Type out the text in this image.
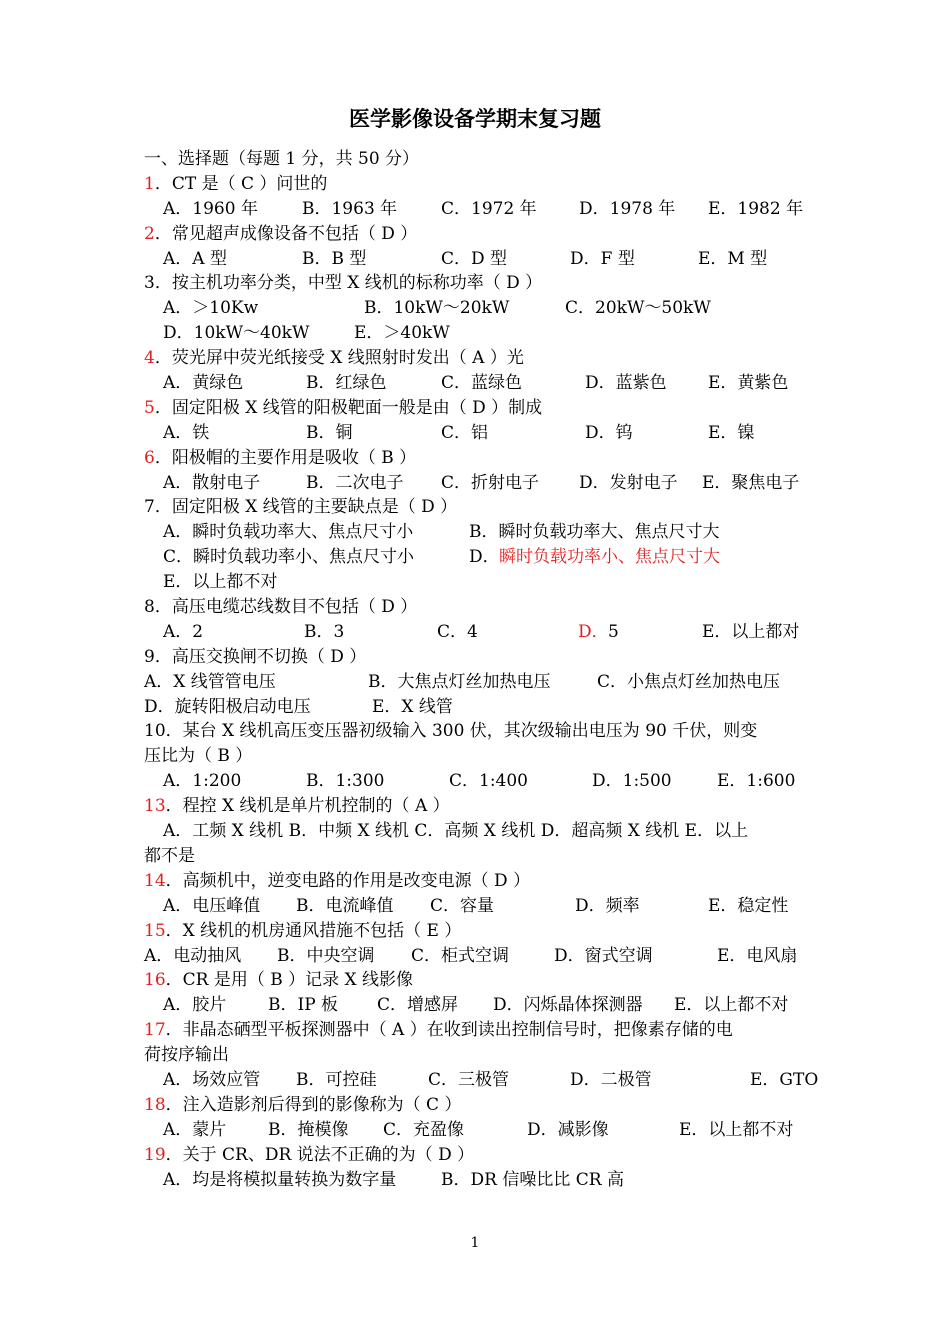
医学影像设备学期末复习题
一、选择题（每题 1 分，共 50 分）
1．CT 是（ C ）问世的
A．1960 年	B．1963 年	C．1972 年 D．1978 年 E．1982 年
2．常见超声成像设备不包括（ D ）
A．A 型	B．B 型	C．D 型	D．F 型	E．M 型
3．按主机功率分类，中型 X 线机的标称功率（ D ）
A．＞10Kw	B．10kW～20kW	C．20kW～50kW
D．10kW～40kW	E．＞40kW
4．荧光屏中荧光纸接受 X 线照射时发出（ A ）光
A．黄绿色	B．红绿色	C．蓝绿色	D．蓝紫色 E．黄紫色
5．固定阳极 X 线管的阳极靶面一般是由（ D ）制成
A．铁	B．铜	C．铝	D．钨	E．镍
6．阳极帽的主要作用是吸收（ B ）
A．散射电子	B．二次电子 C．折射电子 D．发射电子 E．聚焦电子
7．固定阳极 X 线管的主要缺点是（ D ）
A．瞬时负载功率大、焦点尺寸小	B．瞬时负载功率大、焦点尺寸大
C．瞬时负载功率小、焦点尺寸小	D． 瞬时负载功率小、焦点尺寸大
E．以上都不对
8．高压电缆芯线数目不包括（ D ）
A．2	B．3	C．4	D． 5	E．以上都对
9．高压交换闸不切换（ D ）
A．X 线管管电压	B．大焦点灯丝加热电压	C．小焦点灯丝加热电压
D．旋转阳极启动电压	E．X 线管
10．某台 X 线机高压变压器初级输入 300 伏，其次级输出电压为 90 千伏，则变
压比为（ B ）
A．1:200	B．1:300	C．1:400	D．1:500	E．1:600
13．程控 X 线机是单片机控制的（ A ）
A．工频 X 线机 B．中频 X 线机 C．高频 X 线机 D．超高频 X 线机 E．以上
都不是
14．高频机中，逆变电路的作用是改变电源（ D ）
A．电压峰值 B．电流峰值 C．容量	D．频率	E．稳定性
15．X 线机的机房通风措施不包括（ E ）
A．电动抽风 B．中央空调 C．柜式空调	D．窗式空调	E．电风扇
16．CR 是用（ B ）记录 X 线影像
A．胶片 B．IP 板 C．增感屏 D．闪烁晶体探测器 E．以上都不对
17．非晶态硒型平板探测器中（ A ）在收到读出控制信号时，把像素存储的电
荷按序输出
A．场效应管 B．可控硅	C．三极管	D．二极管	E．GTO
18．注入造影剂后得到的影像称为（ C ）
A．蒙片 B．掩模像 C．充盈像	D．减影像	E．以上都不对
19．关于 CR、DR 说法不正确的为（ D ）
A．均是将模拟量转换为数字量	B．DR 信噪比比 CR 高
1
